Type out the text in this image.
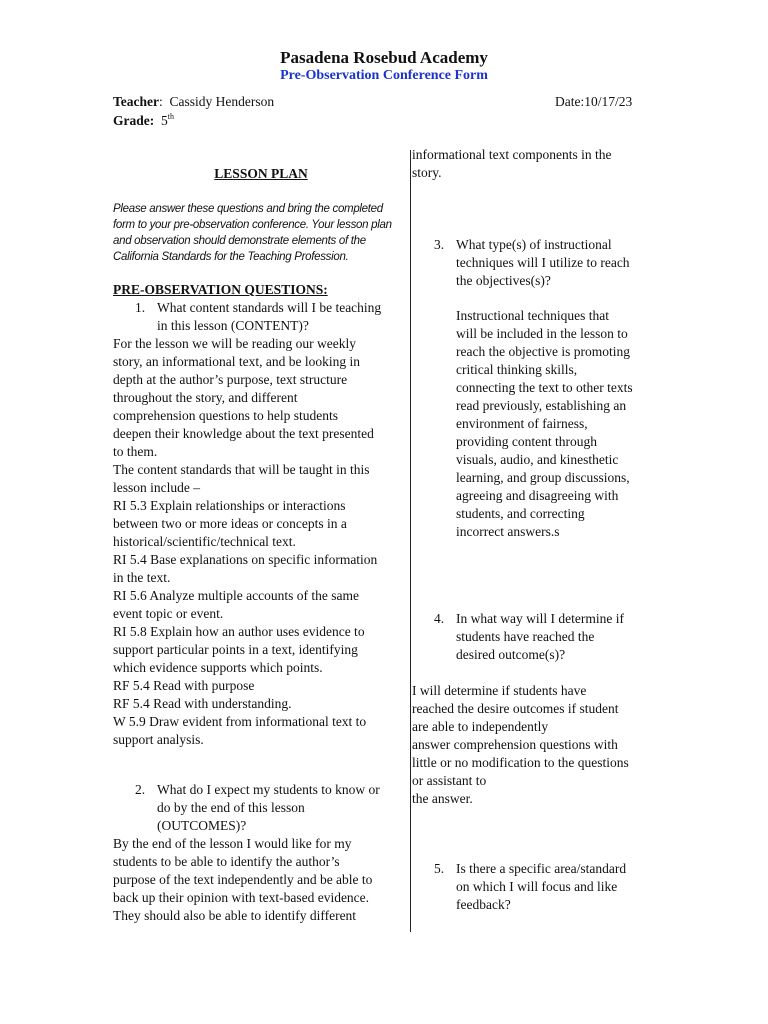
Pasadena Rosebud Academy
Pre-Observation Conference Form
Teacher:  Cassidy Henderson
Grade: 5th
Date:10/17/23
LESSON PLAN
Please answer these questions and bring the completed
form to your pre-observation conference. Your lesson plan
and observation should demonstrate elements of the
California Standards for the Teaching Profession.
PRE-OBSERVATION QUESTIONS:
1. What content standards will I be teaching
in this lesson (CONTENT)?
For the lesson we will be reading our weekly
story, an informational text, and be looking in
depth at the author’s purpose, text structure
throughout the story, and different
comprehension questions to help students
deepen their knowledge about the text presented
to them.
The content standards that will be taught in this
lesson include –
RI 5.3 Explain relationships or interactions
between two or more ideas or concepts in a
historical/scientific/technical text.
RI 5.4 Base explanations on specific information
in the text.
RI 5.6 Analyze multiple accounts of the same
event topic or event.
RI 5.8 Explain how an author uses evidence to
support particular points in a text, identifying
which evidence supports which points.
RF 5.4 Read with purpose
RF 5.4 Read with understanding.
W 5.9 Draw evident from informational text to
support analysis.
2. What do I expect my students to know or
do by the end of this lesson
(OUTCOMES)?
By the end of the lesson I would like for my
students to be able to identify the author’s
purpose of the text independently and be able to
back up their opinion with text-based evidence.
They should also be able to identify different
informational text components in the
story.
3. What type(s) of instructional
techniques will I utilize to reach
the objectives(s)?
Instructional techniques that
will be included in the lesson to
reach the objective is promoting
critical thinking skills,
connecting the text to other texts
read previously, establishing an
environment of fairness,
providing content through
visuals, audio, and kinesthetic
learning, and group discussions,
agreeing and disagreeing with
students, and correcting
incorrect answers.s
4. In what way will I determine if
students have reached the
desired outcome(s)?
I will determine if students have
reached the desire outcomes if student
are able to independently
answer comprehension questions with
little or no modification to the questions
or assistant to
the answer.
5. Is there a specific area/standard
on which I will focus and like
feedback?
